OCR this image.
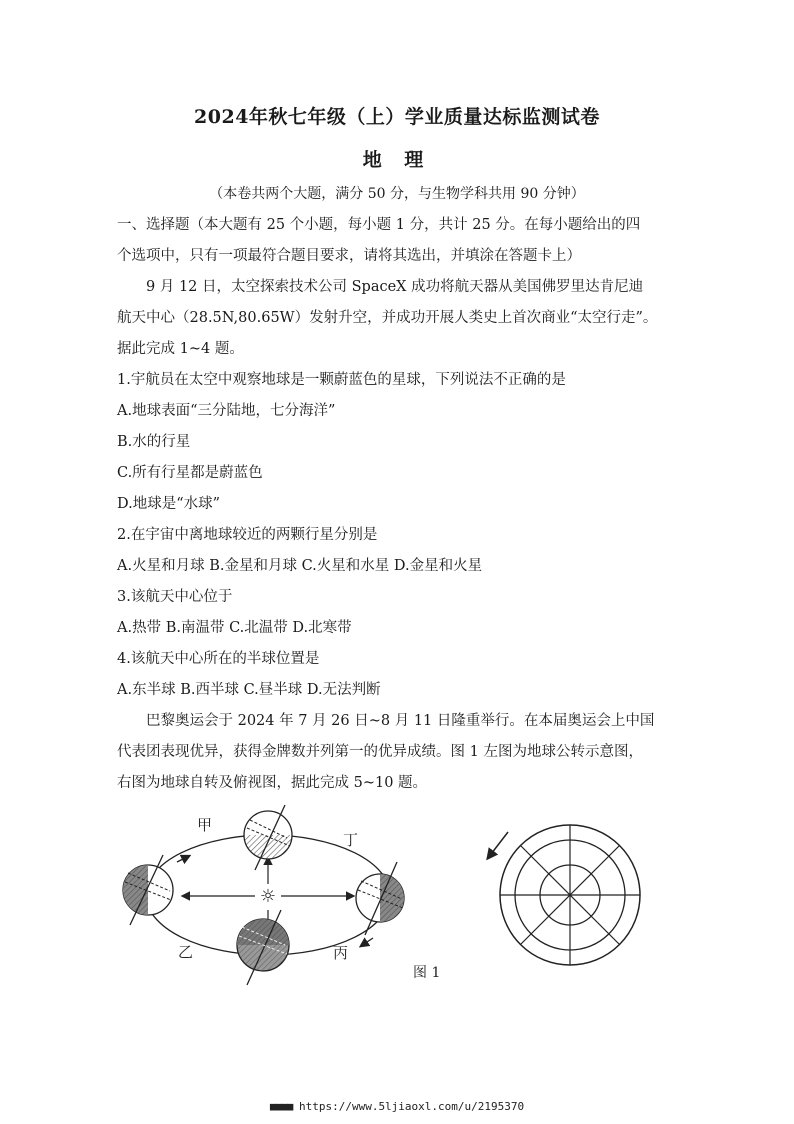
2024年秋七年级（上）学业质量达标监测试卷
地 理
（本卷共两个大题，满分 50 分，与生物学科共用 90 分钟）

一、选择题（本大题有 25 个小题，每小题 1 分，共计 25 分。在每小题给出的四
个选项中，只有一项最符合题目要求，请将其选出，并填涂在答题卡上）

9 月 12 日，太空探索技术公司 SpaceX 成功将航天器从美国佛罗里达肯尼迪
航天中心（28.5N,80.65W）发射升空，并成功开展人类史上首次商业“太空行走”。
据此完成 1~4 题。

1.宇航员在太空中观察地球是一颗蔚蓝色的星球，下列说法不正确的是
A.地球表面“三分陆地，七分海洋”
B.水的行星
C.所有行星都是蔚蓝色
D.地球是“水球”

2.在宇宙中离地球较近的两颗行星分别是
A.火星和月球 B.金星和月球 C.火星和水星 D.金星和火星

3.该航天中心位于
A.热带 B.南温带 C.北温带 D.北寒带

4.该航天中心所在的半球位置是
A.东半球 B.西半球 C.昼半球 D.无法判断

巴黎奥运会于 2024 年 7 月 26 日~8 月 11 日隆重举行。在本届奥运会上中国
代表团表现优异，获得金牌数并列第一的优异成绩。图 1 左图为地球公转示意图，
右图为地球自转及俯视图，据此完成 5~10 题。

☼
甲
丁
乙	丙
图 1
■■■■ https://www.5ljiaoxl.com/u/2195370
